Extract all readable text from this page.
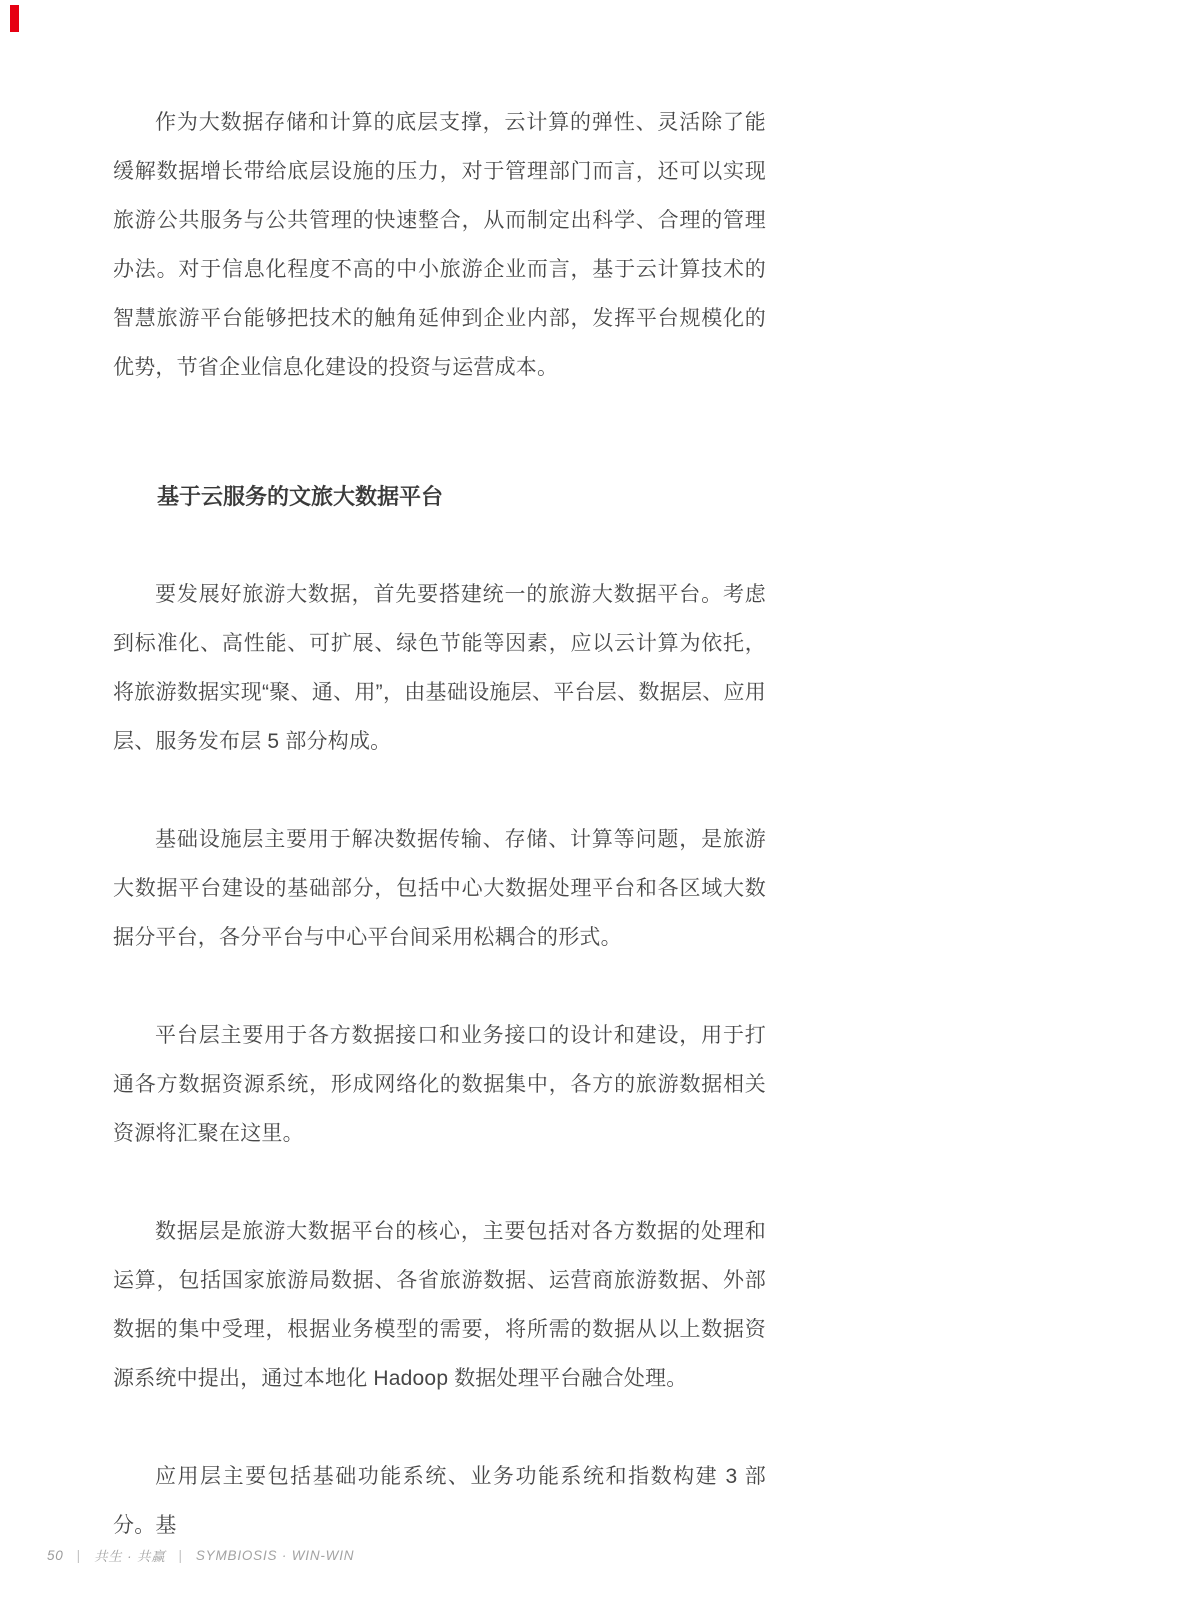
作为大数据存储和计算的底层支撑，云计算的弹性、灵活除了能缓解数据增长带给底层设施的压力，对于管理部门而言，还可以实现旅游公共服务与公共管理的快速整合，从而制定出科学、合理的管理办法。对于信息化程度不高的中小旅游企业而言，基于云计算技术的智慧旅游平台能够把技术的触角延伸到企业内部，发挥平台规模化的优势，节省企业信息化建设的投资与运营成本。

基于云服务的文旅大数据平台

要发展好旅游大数据，首先要搭建统一的旅游大数据平台。考虑到标准化、高性能、可扩展、绿色节能等因素，应以云计算为依托，将旅游数据实现“聚、通、用”，由基础设施层、平台层、数据层、应用层、服务发布层 5 部分构成。

基础设施层主要用于解决数据传输、存储、计算等问题，是旅游大数据平台建设的基础部分，包括中心大数据处理平台和各区域大数据分平台，各分平台与中心平台间采用松耦合的形式。

平台层主要用于各方数据接口和业务接口的设计和建设，用于打通各方数据资源系统，形成网络化的数据集中，各方的旅游数据相关资源将汇聚在这里。

数据层是旅游大数据平台的核心，主要包括对各方数据的处理和运算，包括国家旅游局数据、各省旅游数据、运营商旅游数据、外部数据的集中受理，根据业务模型的需要，将所需的数据从以上数据资源系统中提出，通过本地化 Hadoop 数据处理平台融合处理。

应用层主要包括基础功能系统、业务功能系统和指数构建 3 部分。基

50 | 共生 · 共赢 | SYMBIOSIS · WIN-WIN
